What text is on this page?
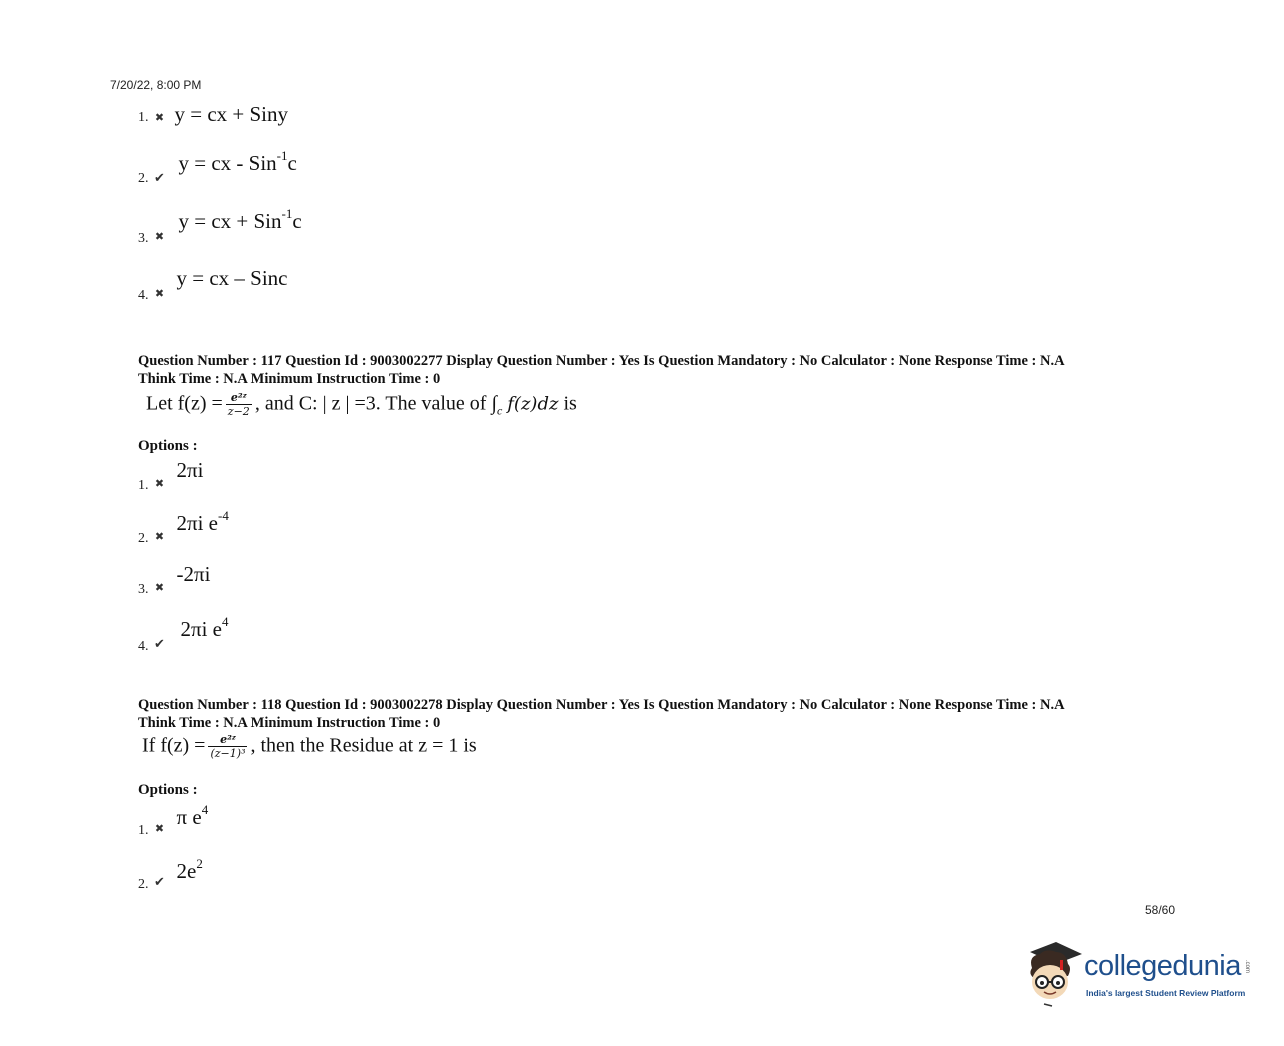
7/20/22, 8:00 PM
1. ✖ y = cx + Siny
2. ✔ y = cx - Sin$^{-1}$c
3. ✖ y = cx + Sin$^{-1}$c
4. ✖ y = cx – Sinc
Question Number : 117 Question Id : 9003002277 Display Question Number : Yes Is Question Mandatory : No Calculator : None Response Time : N.A
Think Time : N.A Minimum Instruction Time : 0
Let $f(z) = \frac{\text{e²ᶻ}}{z-2}$ , and C: | z | =3. The value of $\int_c$ f(z)dz is
Options :
1. ✖ 2πi
2. ✖ 2πi $e^{-4}$
3. ✖ -2πi
4. ✔ 2πi $e^4$
Question Number : 118 Question Id : 9003002278 Display Question Number : Yes Is Question Mandatory : No Calculator : None Response Time : N.A
Think Time : N.A Minimum Instruction Time : 0
If $f(z) = \frac{\text{e²ᶻ}}{\text{(z−1)³}}$ , then the Residue at z = 1 is
Options :
1. ✖ π $e^4$
2. ✔ $2e^2$
58/60
collegedunia .com
India's largest Student Review Platform
